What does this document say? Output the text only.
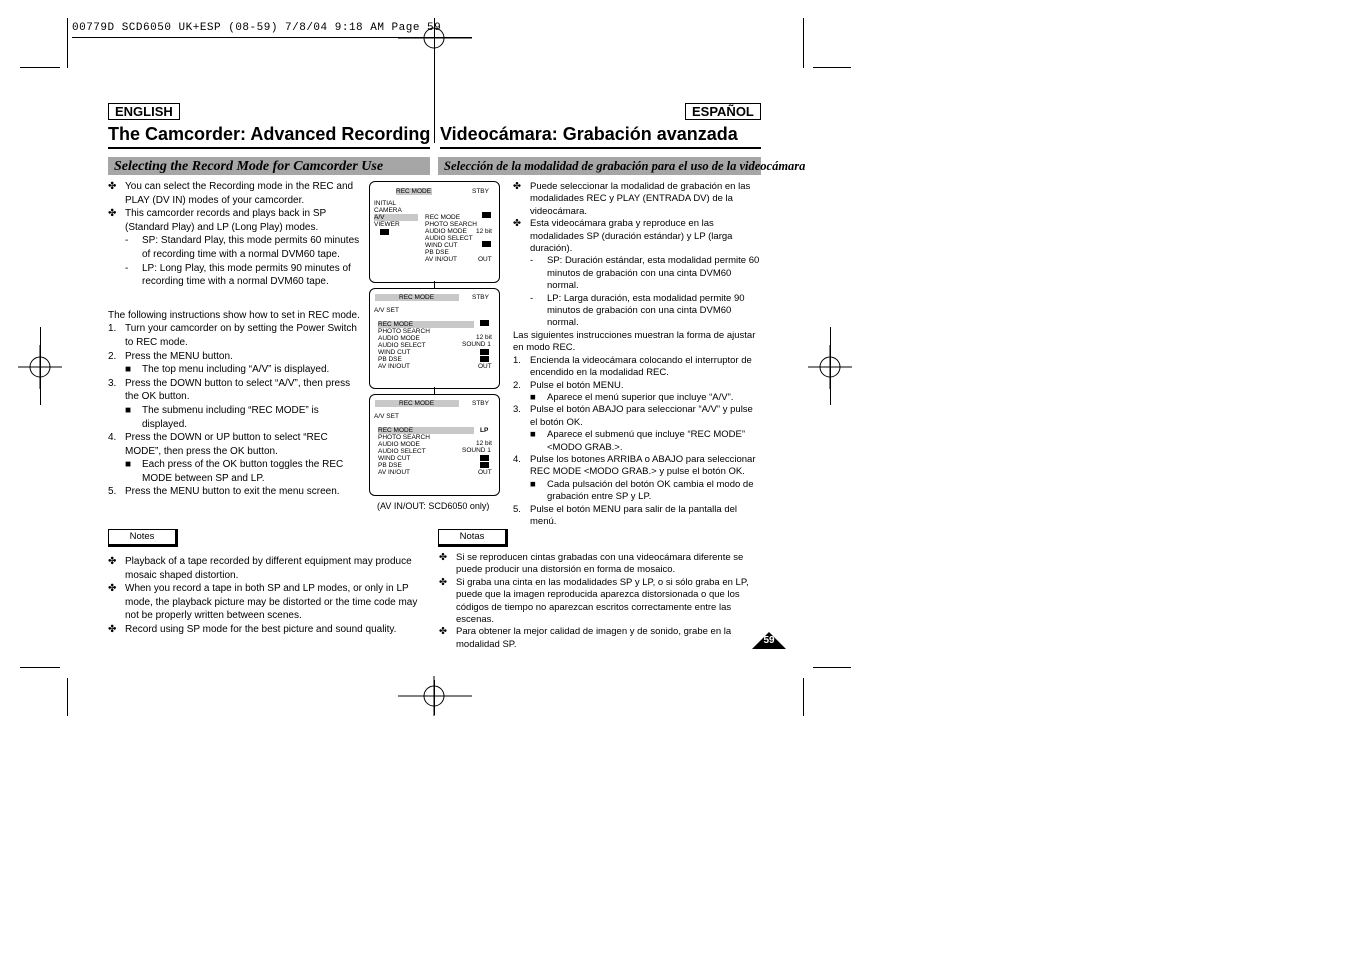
00779D SCD6050 UK+ESP (08-59) 7/8/04 9:18 AM Page 59
ENGLISH
The Camcorder: Advanced Recording
Selecting the Record Mode for Camcorder Use
ESPAÑOL
Videocámara: Grabación avanzada
Selección de la modalidad de grabación para el uso de la videocámara

✤ You can select the Recording mode in the REC and PLAY (DV IN) modes of your camcorder.

✤ This camcorder records and plays back in SP (Standard Play) and LP (Long Play) modes.

- SP: Standard Play, this mode permits 60 minutes of recording time with a normal DVM60 tape.

- LP: Long Play, this mode permits 90 minutes of recording time with a normal DVM60 tape.

The following instructions show how to set in REC mode.

1. Turn your camcorder on by setting the Power Switch to REC mode.

2. Press the MENU button.

■ The top menu including “A/V” is displayed.

3. Press the DOWN button to select “A/V”, then press the OK button.

■ The submenu including “REC MODE” is displayed.

4. Press the DOWN or UP button to select “REC MODE”, then press the OK button.

■ Each press of the OK button toggles the REC MODE between SP and LP.

5. Press the MENU button to exit the menu screen.

Notes

✤ Playback of a tape recorded by different equipment may produce mosaic shaped distortion.

✤ When you record a tape in both SP and LP modes, or only in LP mode, the playback picture may be distorted or the time code may not be properly written between scenes.

✤ Record using SP mode for the best picture and sound quality.

REC MODE	STBY
INITIAL
CAMERA
A/V
VIEWER
REC MODE
PHOTO SEARCH
AUDIO MODE 12 bit
AUDIO SELECT
WIND CUT
PB DSE
AV IN/OUT	OUT
REC MODE	STBY
A/V SET
REC MODE
PHOTO SEARCH
AUDIO MODE	12 bit
AUDIO SELECT	SOUND 1
WIND CUT
PB DSE
AV IN/OUT	OUT
REC MODE	STBY
A/V SET
REC MODE	LP
PHOTO SEARCH
AUDIO MODE	12 bit
AUDIO SELECT	SOUND 1
WIND CUT
PB DSE
AV IN/OUT	OUT
(AV IN/OUT: SCD6050 only)

✤ Puede seleccionar la modalidad de grabación en las modalidades REC y PLAY (ENTRADA DV) de la videocámara.

✤ Esta videocámara graba y reproduce en las modalidades SP (duración estándar) y LP (larga duración).

- SP: Duración estándar, esta modalidad permite 60 minutos de grabación con una cinta DVM60 normal.

- LP: Larga duración, esta modalidad permite 90 minutos de grabación con una cinta DVM60 normal.

Las siguientes instrucciones muestran la forma de ajustar en modo REC.

1. Encienda la videocámara colocando el interruptor de encendido en la modalidad REC.

2. Pulse el botón MENU.

■ Aparece el menú superior que incluye “A/V”.

3. Pulse el botón ABAJO para seleccionar “A/V” y pulse el botón OK.

■ Aparece el submenú que incluye “REC MODE” <MODO GRAB.>.

4. Pulse los botones ARRIBA o ABAJO para seleccionar REC MODE <MODO GRAB.> y pulse el botón OK.

■ Cada pulsación del botón OK cambia el modo de grabación entre SP y LP.

5. Pulse el botón MENU para salir de la pantalla del menú.

Notas

✤ Si se reproducen cintas grabadas con una videocámara diferente se puede producir una distorsión en forma de mosaico.

✤ Si graba una cinta en las modalidades SP y LP, o si sólo graba en LP, puede que la imagen reproducida aparezca distorsionada o que los códigos de tiempo no aparezcan escritos correctamente entre las escenas.

✤ Para obtener la mejor calidad de imagen y de sonido, grabe en la modalidad SP.	59
